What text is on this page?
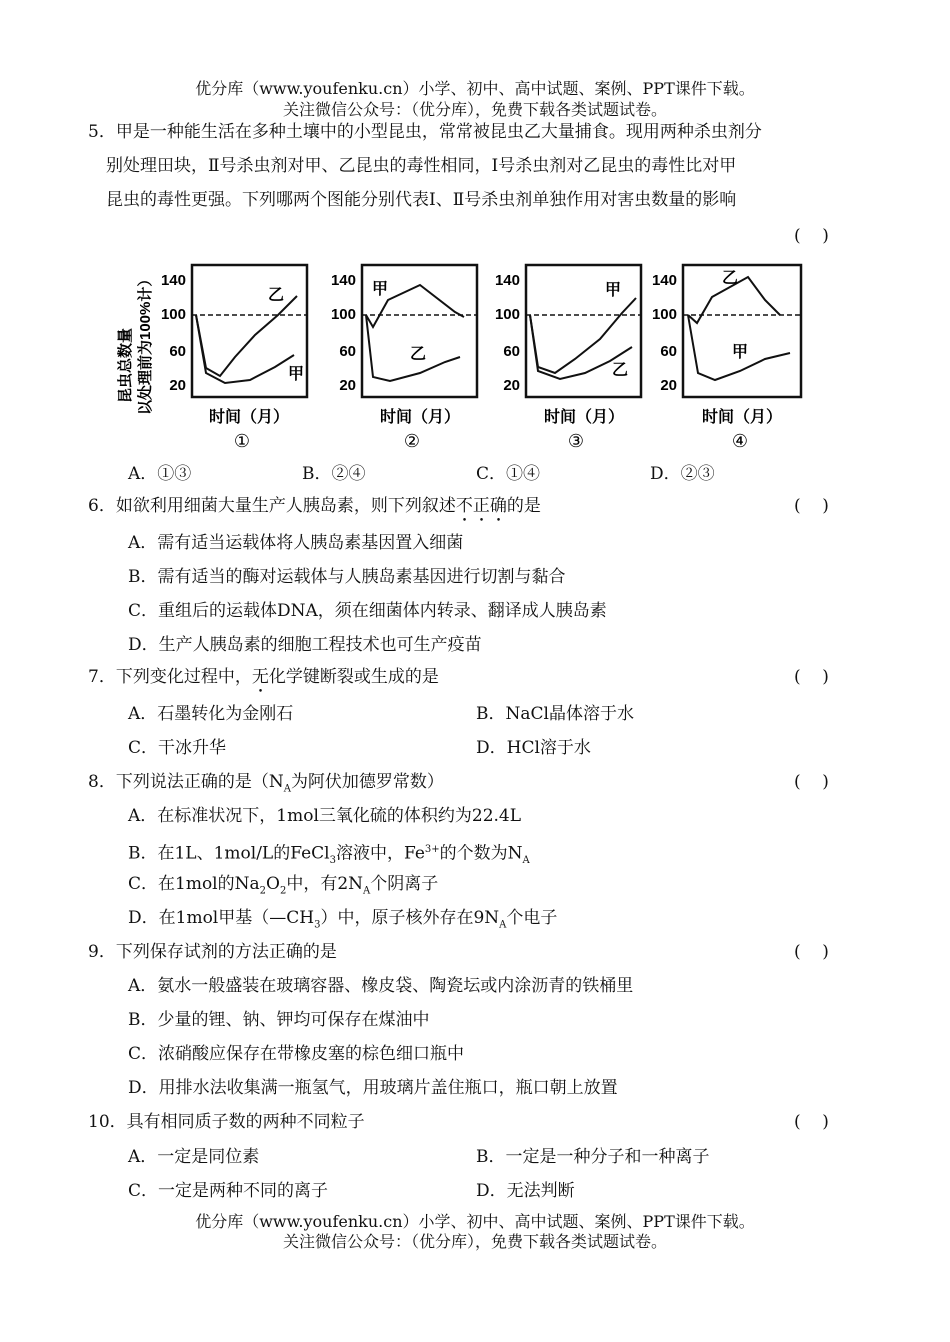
优分库（www.youfenku.cn）小学、初中、高中试题、案例、PPT课件下载。
关注微信公众号：（优分库），免费下载各类试题试卷。
5．甲是一种能生活在多种土壤中的小型昆虫，常常被昆虫乙大量捕食。现用两种杀虫剂分
别处理田块，Ⅱ号杀虫剂对甲、乙昆虫的毒性相同，Ⅰ号杀虫剂对乙昆虫的毒性比对甲
昆虫的毒性更强。下列哪两个图能分别代表Ⅰ、Ⅱ号杀虫剂单独作用对害虫数量的影响
(    )
昆虫总数量 以处理前为100%计） 140
100
60
20
乙
甲
时间（月）
①
140
100
60
20
甲
乙
时间（月）
②
140
100
60
20
甲
乙
时间（月）
③
140
100
60
20
乙
甲
时间（月）
④
A．①③	B．②④	C．①④	D．②③
6．如欲利用细菌大量生产人胰岛素，则下列叙述不正确的是	(    )
A．需有适当运载体将人胰岛素基因置入细菌
B．需有适当的酶对运载体与人胰岛素基因进行切割与黏合
C．重组后的运载体DNA，须在细菌体内转录、翻译成人胰岛素
D．生产人胰岛素的细胞工程技术也可生产疫苗
7．下列变化过程中，无化学键断裂或生成的是	(    )
A．石墨转化为金刚石	B．NaCl晶体溶于水
C．干冰升华	D．HCl溶于水
8．下列说法正确的是（$N_A$为阿伏加德罗常数）	(    )
A．在标准状况下，1mol三氧化硫的体积约为22.4L
B．在1L、1mol/L的FeCl$_3$溶液中，$Fe^{3+}$的个数为$N_A$
C．在1mol的$Na_2O_2$中，有$2N_A$个阴离子
D．在1mol甲基$(—CH_3)$中，原子核外存在$9N_A$个电子
9．下列保存试剂的方法正确的是	(    )
A．氨水一般盛装在玻璃容器、橡皮袋、陶瓷坛或内涂沥青的铁桶里
B．少量的锂、钠、钾均可保存在煤油中
C．浓硝酸应保存在带橡皮塞的棕色细口瓶中
D．用排水法收集满一瓶氢气，用玻璃片盖住瓶口，瓶口朝上放置
10．具有相同质子数的两种不同粒子	(    )
A．一定是同位素	B．一定是一种分子和一种离子
C．一定是两种不同的离子	D．无法判断
优分库（www.youfenku.cn）小学、初中、高中试题、案例、PPT课件下载。
关注微信公众号：（优分库），免费下载各类试题试卷。
